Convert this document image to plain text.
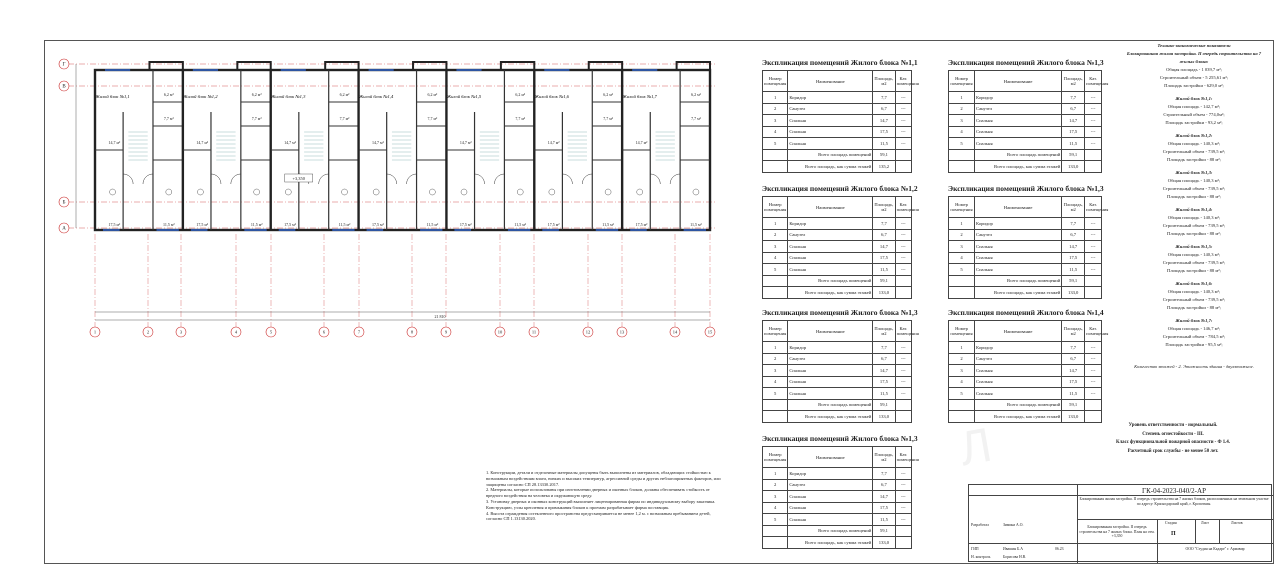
Г
В
Б
А
1	2	3	4	5	6	7	8	9	10	11	12	13	14	15
21 810
Жилой блок №1,1	6,2 м²
7,7 м²
14,7 м²
17,5 м²	11,5 м²
Жилой блок №1,2	6,2 м²
7,7 м²
14,7 м²
17,5 м²	11,5 м²
Жилой блок №1,3	6,2 м²
7,7 м²
14,7 м²
17,5 м²	11,5 м²
Жилой блок №1,4	6,2 м²
7,7 м²
14,7 м²
17,5 м²	11,5 м²
Жилой блок №1,5	6,2 м²
7,7 м²
14,7 м²
17,5 м²	11,5 м²
Жилой блок №1,6	6,2 м²
7,7 м²
14,7 м²
17,5 м²	11,5 м²
Жилой блок №1,7	6,2 м²
7,7 м²
14,7 м²
17,5 м²	11,5 м²
+3,350
Экспликация помещений Жилого блока №1,1
Номер помещения	Наименование	Площадь, м2	Кат. помещения
1	Коридор	7,7	---
2	Санузел	6,7	---
3	Спальня	14,7	---
4	Спальня	17,5	---
5	Спальня	11,5	---
	Всего площадь помещений	59,1	
	Всего площадь, как сумма этажей	135,2	
Экспликация помещений Жилого блока №1,3
Номер помещения	Наименование	Площадь, м2	Кат. помещения
1	Коридор	7,7	---
2	Санузел	6,7	---
3	Спальня	14,7	---
4	Спальня	17,5	---
5	Спальня	11,5	---
	Всего площадь помещений	59,1	
	Всего площадь, как сумма этажей	133,0	
Экспликация помещений Жилого блока №1,2
Номер помещения	Наименование	Площадь, м2	Кат. помещения
1	Коридор	7,7	---
2	Санузел	6,7	---
3	Спальня	14,7	---
4	Спальня	17,5	---
5	Спальня	11,5	---
	Всего площадь помещений	59,1	
	Всего площадь, как сумма этажей	133,0	
Экспликация помещений Жилого блока №1,3
Номер помещения	Наименование	Площадь, м2	Кат. помещения
1	Коридор	7,7	---
2	Санузел	6,7	---
3	Спальня	14,7	---
4	Спальня	17,5	---
5	Спальня	11,5	---
	Всего площадь помещений	59,1	
	Всего площадь, как сумма этажей	133,0	
Экспликация помещений Жилого блока №1,3
Номер помещения	Наименование	Площадь, м2	Кат. помещения
1	Коридор	7,7	---
2	Санузел	6,7	---
3	Спальня	14,7	---
4	Спальня	17,5	---
5	Спальня	11,5	---
	Всего площадь помещений	59,1	
	Всего площадь, как сумма этажей	133,0	
Экспликация помещений Жилого блока №1,4
Номер помещения	Наименование	Площадь, м2	Кат. помещения
1	Коридор	7,7	---
2	Санузел	6,7	---
3	Спальня	14,7	---
4	Спальня	17,5	---
5	Спальня	11,5	---
	Всего площадь помещений	59,1	
	Всего площадь, как сумма этажей	133,0	
Экспликация помещений Жилого блока №1,3
Номер помещения	Наименование	Площадь, м2	Кат. помещения
1	Коридор	7,7	---
2	Санузел	6,7	---
3	Спальня	14,7	---
4	Спальня	17,5	---
5	Спальня	11,5	---
	Всего площадь помещений	59,1	
	Всего площадь, как сумма этажей	133,0	
Технико-экономические показатели
Блокированная жилая застройка. II очередь строительства на 7 жилых блока:
Общая площадь - 1 039,7 м²;
Строительный объем - 5 255,61 м³;
Площадь застройки - 629,0 м²;
Жилой блок №1,1:
Общая площадь - 142,7 м²;
Строительный объем - 774,0м³;
Площадь застройки - 93,2 м²;
Жилой блок №1,2:
Общая площадь - 140,3 м²;
Строительный объем - 739,5 м³;
Площадь застройки - 88 м²;
Жилой блок №1,3:
Общая площадь - 140,3 м²;
Строительный объем - 739,5 м³;
Площадь застройки - 88 м²;
Жилой блок №1,4:
Общая площадь - 140,3 м²;
Строительный объем - 739,5 м³;
Площадь застройки - 88 м²;
Жилой блок №1,5:
Общая площадь - 140,3 м²;
Строительный объем - 739,5 м³;
Площадь застройки - 88 м²;
Жилой блок №1,6:
Общая площадь - 140,3 м²;
Строительный объем - 739,5 м³;
Площадь застройки - 88 м²;
Жилой блок №1,7:
Общая площадь - 146,7 м²;
Строительный объем - 784,5 м³;
Площадь застройки - 95,5 м²;
Количество этажей - 2. Этажность здания - двухэтажное.
Уровень ответственности - нормальный.
Степень огнестойкости - III.
Класс функциональной пожарной опасности - Ф 1.4.
Расчетный срок службы - не менее 50 лет.
1. Конструкции, детали и отделочные материалы допущены быть выполнены из материалов, обладающих стойкостью к возможным воздействиям влаги, низких и высоких температур, агрессивной среды и других неблагоприятных факторов, или защищены согласно СП 28.13330.2017.
2. Материалы, которые использованы при изготовлении дверных и оконных блоков, должны обеспечивать стойкость от вредного воздействия на человека и окружающую среду.
3. Установку дверных и оконных конструкций выполняет лицензированная фирма по индивидуальному выбору заказчика. Конструкцию, узлы крепления и примыкания блоков к проемам разрабатывает фирма поставщик.
4. Высота ограждения остекленного пространства предусматривается не менее 1,2 м. с возможным пребыванием детей, согласно СП 1.13130.2020.
Л
ГК-04-2023-040/2-АР
Блокированная жилая застройка. II очередь строительства на 7 жилых блоков, расположенных на земельном участке по адресу: Краснодарский край, г. Кропоткин.
Блокированная застройка. II очередь строительства на 7 жилых блока. План на отм. +3,350
Стадия
П
Лист	Листов
ООО "Студия на Кадаре" г. Армавир
Разработал	Зимина А.О.
ГИП	Ивашин Б.А
Н. контроль	Борисова Н.В.
06.23
